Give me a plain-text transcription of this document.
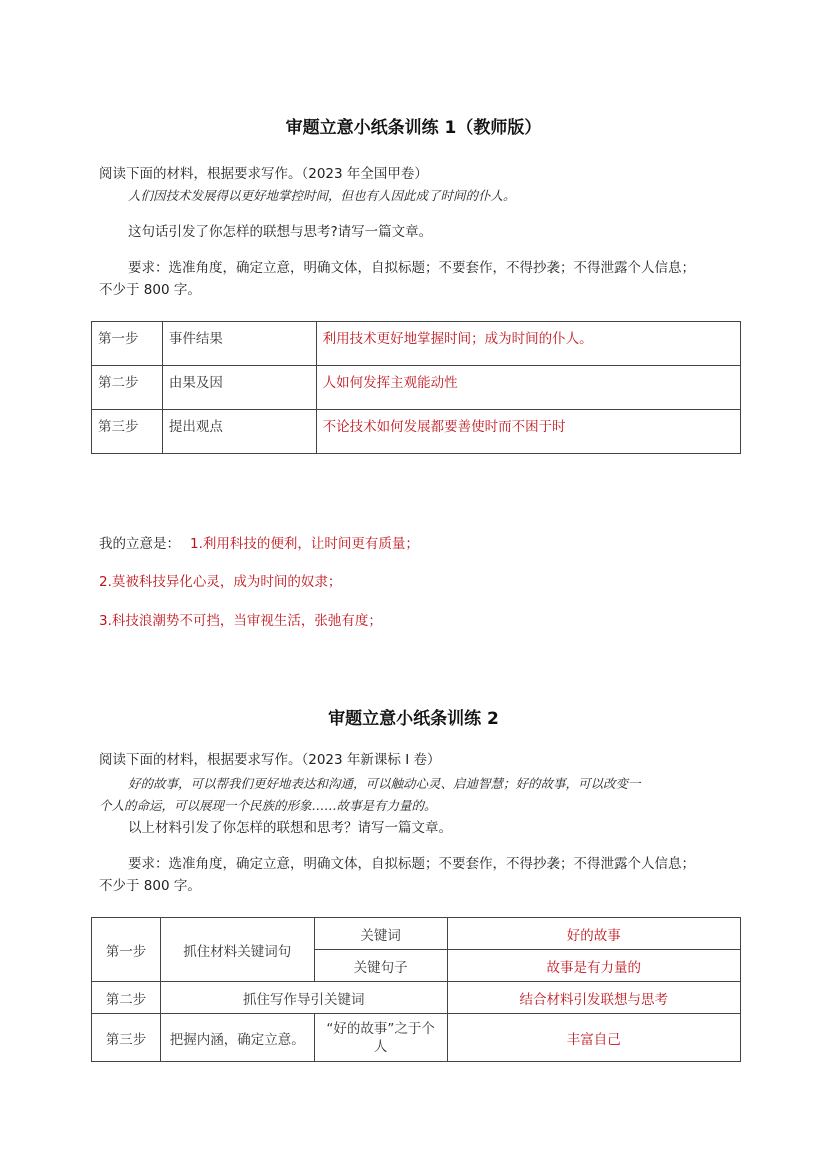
审题立意小纸条训练 1（教师版）
阅读下面的材料，根据要求写作。（2023 年全国甲卷）
人们因技术发展得以更好地掌控时间，但也有人因此成了时间的仆人。
这句话引发了你怎样的联想与思考?请写一篇文章。
要求：选准角度，确定立意，明确文体，自拟标题；不要套作，不得抄袭；不得泄露个人信息；
不少于 800 字。
第一步	事件结果	利用技术更好地掌握时间；成为时间的仆人。
第二步	由果及因	人如何发挥主观能动性
第三步	提出观点	不论技术如何发展都要善使时而不困于时
我的立意是： 1.利用科技的便利，让时间更有质量；
2.莫被科技异化心灵，成为时间的奴隶；
3.科技浪潮势不可挡，当审视生活，张弛有度；
审题立意小纸条训练 2
阅读下面的材料，根据要求写作。（2023 年新课标 I 卷）
好的故事，可以帮我们更好地表达和沟通，可以触动心灵、启迪智慧；好的故事，可以改变一
个人的命运，可以展现一个民族的形象……故事是有力量的。
以上材料引发了你怎样的联想和思考？请写一篇文章。
要求：选准角度，确定立意，明确文体，自拟标题；不要套作，不得抄袭；不得泄露个人信息；
不少于 800 字。
第一步	抓住材料关键词句	关键词	好的故事
		关键句子	故事是有力量的
第二步	抓住写作导引关键词		结合材料引发联想与思考
第三步	把握内涵，确定立意。	“好的故事”之于个人	丰富自己
